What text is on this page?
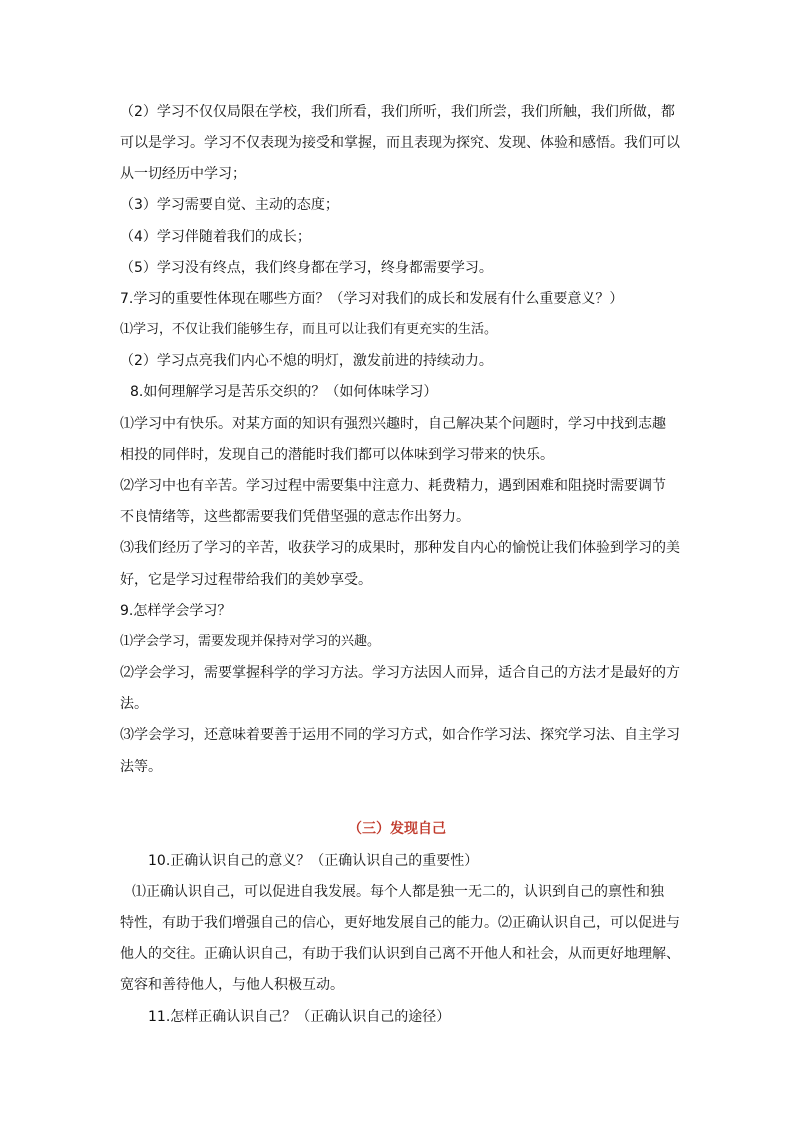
（2）学习不仅仅局限在学校，我们所看，我们所听，我们所尝，我们所触，我们所做，都
可以是学习。学习不仅表现为接受和掌握，而且表现为探究、发现、体验和感悟。我们可以
从一切经历中学习；
（3）学习需要自觉、主动的态度；
（4）学习伴随着我们的成长；
（5）学习没有终点，我们终身都在学习，终身都需要学习。
7.学习的重要性体现在哪些方面？（学习对我们的成长和发展有什么重要意义？）
⑴学习，不仅让我们能够生存，而且可以让我们有更充实的生活。
（2）学习点亮我们内心不熄的明灯，激发前进的持续动力。
8.如何理解学习是苦乐交织的？（如何体味学习）
⑴学习中有快乐。对某方面的知识有强烈兴趣时，自己解决某个问题时，学习中找到志趣
相投的同伴时，发现自己的潜能时我们都可以体味到学习带来的快乐。
⑵学习中也有辛苦。学习过程中需要集中注意力、耗费精力，遇到困难和阻挠时需要调节
不良情绪等，这些都需要我们凭借坚强的意志作出努力。
⑶我们经历了学习的辛苦，收获学习的成果时，那种发自内心的愉悦让我们体验到学习的美
好，它是学习过程带给我们的美妙享受。
9.怎样学会学习？
⑴学会学习，需要发现并保持对学习的兴趣。
⑵学会学习，需要掌握科学的学习方法。学习方法因人而异，适合自己的方法才是最好的方
法。
⑶学会学习，还意味着要善于运用不同的学习方式，如合作学习法、探究学习法、自主学习
法等。
（三）发现自己
10.正确认识自己的意义？（正确认识自己的重要性）
⑴正确认识自己，可以促进自我发展。每个人都是独一无二的，认识到自己的禀性和独
特性，有助于我们增强自己的信心，更好地发展自己的能力。⑵正确认识自己，可以促进与
他人的交往。正确认识自己，有助于我们认识到自己离不开他人和社会，从而更好地理解、
宽容和善待他人，与他人积极互动。
11.怎样正确认识自己？（正确认识自己的途径）
